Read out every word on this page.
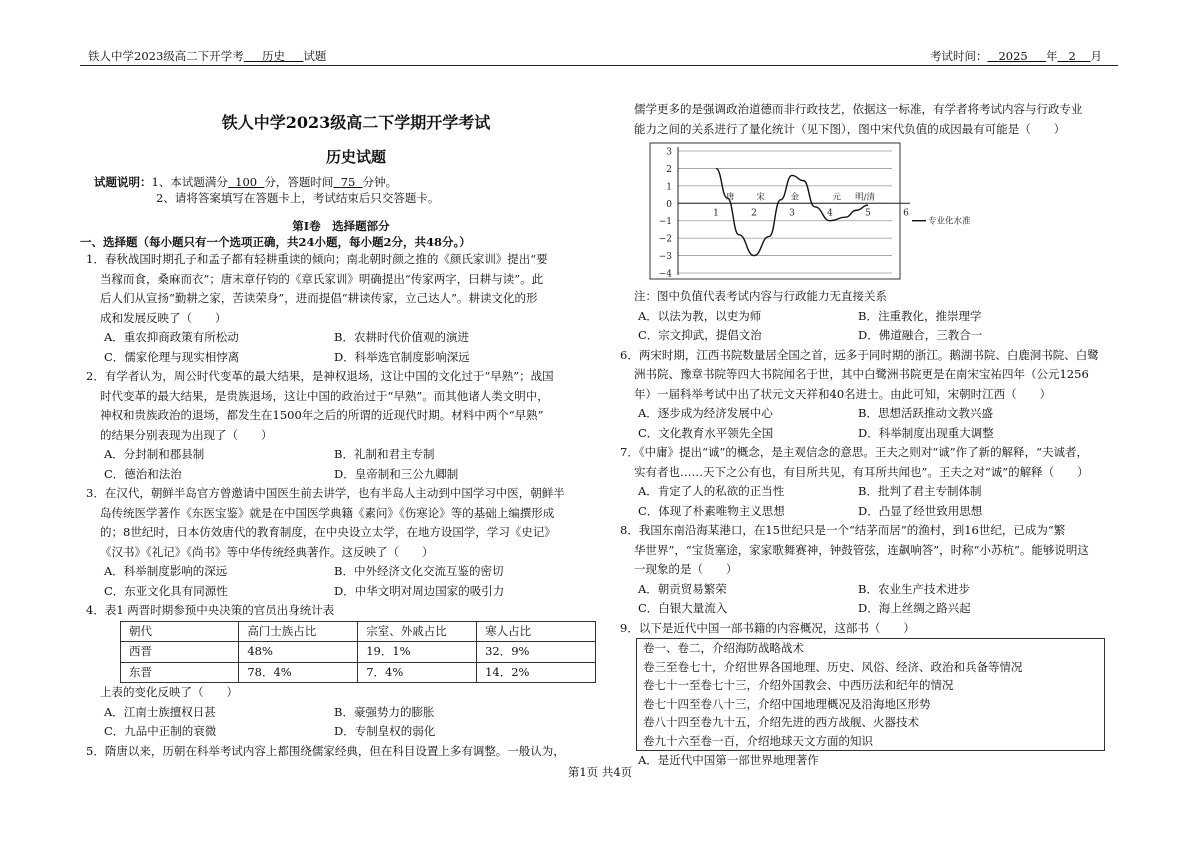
铁人中学2023级高二下开学考 历史 试题	考试时间： 2025 年 2 月

铁人中学2023级高二下学期开学考试

历史试题

试题说明：1、本试题满分 100 分，答题时间 75 分钟。

2、请将答案填写在答题卡上，考试结束后只交答题卡。

第Ⅰ卷　选择题部分

一、选择题（每小题只有一个选项正确，共24小题，每小题2分，共48分。）

1．春秋战国时期孔子和孟子都有轻耕重读的倾向；南北朝时颜之推的《颜氏家训》提出“要

当稼而食，桑麻而衣”；唐末章仔钧的《章氏家训》明确提出“传家两字，曰耕与读”。此

后人们从宣扬“勤耕之家，苦读荣身”，进而提倡“耕读传家，立己达人”。耕读文化的形

成和发展反映了（　　）

A．重农抑商政策有所松动	B．农耕时代价值观的演进
C．儒家伦理与现实相悖离	D．科举选官制度影响深远

2．有学者认为，周公时代变革的最大结果，是神权退场，这让中国的文化过于“早熟”；战国

时代变革的最大结果，是贵族退场，这让中国的政治过于“早熟”。而其他诸人类文明中，

神权和贵族政治的退场，都发生在1500年之后的所谓的近现代时期。材料中两个“早熟”

的结果分别表现为出现了（　　）

A．分封制和郡县制	B．礼制和君主专制
C．德治和法治	D．皇帝制和三公九卿制

3．在汉代，朝鲜半岛官方曾邀请中国医生前去讲学，也有半岛人主动到中国学习中医，朝鲜半

岛传统医学著作《东医宝鉴》就是在中国医学典籍《素问》《伤寒论》等的基础上编撰形成

的；8世纪时，日本仿效唐代的教育制度，在中央设立太学，在地方设国学，学习《史记》

《汉书》《礼记》《尚书》等中华传统经典著作。这反映了（　　）

A．科举制度影响的深远	B．中外经济文化交流互鉴的密切
C．东亚文化具有同源性	D．中华文明对周边国家的吸引力

4．表1 两晋时期参预中央决策的官员出身统计表

朝代	高门士族占比	宗室、外戚占比	寒人占比
西晋	48%	19．1%	32．9%
东晋	78．4%	7．4%	14．2%

上表的变化反映了（　　）

A．江南士族擅权日甚	B．豪强势力的膨胀
C．九品中正制的衰微	D．专制皇权的弱化

5．隋唐以来，历朝在科举考试内容上都围绕儒家经典，但在科目设置上多有调整。一般认为，

儒学更多的是强调政治道德而非行政技艺，依据这一标准，有学者将考试内容与行政专业

能力之间的关系进行了量化统计（见下图），图中宋代负值的成因最有可能是（　　）

3
2
1
0
−1
−2
−3
−4
1	2	3	4	5	6
唐	宋	金	元 明/清
专业化水准

注：图中负值代表考试内容与行政能力无直接关系

A．以法为教，以吏为师	B．注重教化，推崇理学
C．宗文抑武，提倡文治	D．佛道融合，三教合一

6．两宋时期，江西书院数量居全国之首，远多于同时期的浙江。鹅湖书院、白鹿洞书院、白鹭

洲书院、豫章书院等四大书院闻名于世，其中白鹭洲书院更是在南宋宝祐四年（公元1256

年）一届科举考试中出了状元文天祥和40名进士。由此可知，宋朝时江西（　　）

A．逐步成为经济发展中心	B．思想活跃推动文教兴盛
C．文化教育水平领先全国	D．科举制度出现重大调整

7．《中庸》提出“诚”的概念，是主观信念的意思。王夫之则对“诚”作了新的解释，“夫诚者，

实有者也……天下之公有也，有目所共见，有耳所共闻也”。王夫之对“诚”的解释（　　）

A．肯定了人的私欲的正当性	B．批判了君主专制体制
C．体现了朴素唯物主义思想	D．凸显了经世致用思想

8．我国东南沿海某港口，在15世纪只是一个“结茅而居”的渔村，到16世纪，已成为“繁

华世界”，“宝货塞途，家家歌舞赛神，钟鼓管弦，连飙响答”，时称“小苏杭”。能够说明这

一现象的是（　　）

A．朝贡贸易繁荣	B．农业生产技术进步
C．白银大量流入	D．海上丝绸之路兴起

9．以下是近代中国一部书籍的内容概况，这部书（　　）

卷一、卷二，介绍海防战略战术
卷三至卷七十，介绍世界各国地理、历史、风俗、经济、政治和兵备等情况
卷七十一至卷七十三，介绍外国教会、中西历法和纪年的情况
卷七十四至卷八十三，介绍中国地理概况及沿海地区形势
卷八十四至卷九十五，介绍先进的西方战舰、火器技术
卷九十六至卷一百，介绍地球天文方面的知识

A．是近代中国第一部世界地理著作

第1页 共4页
